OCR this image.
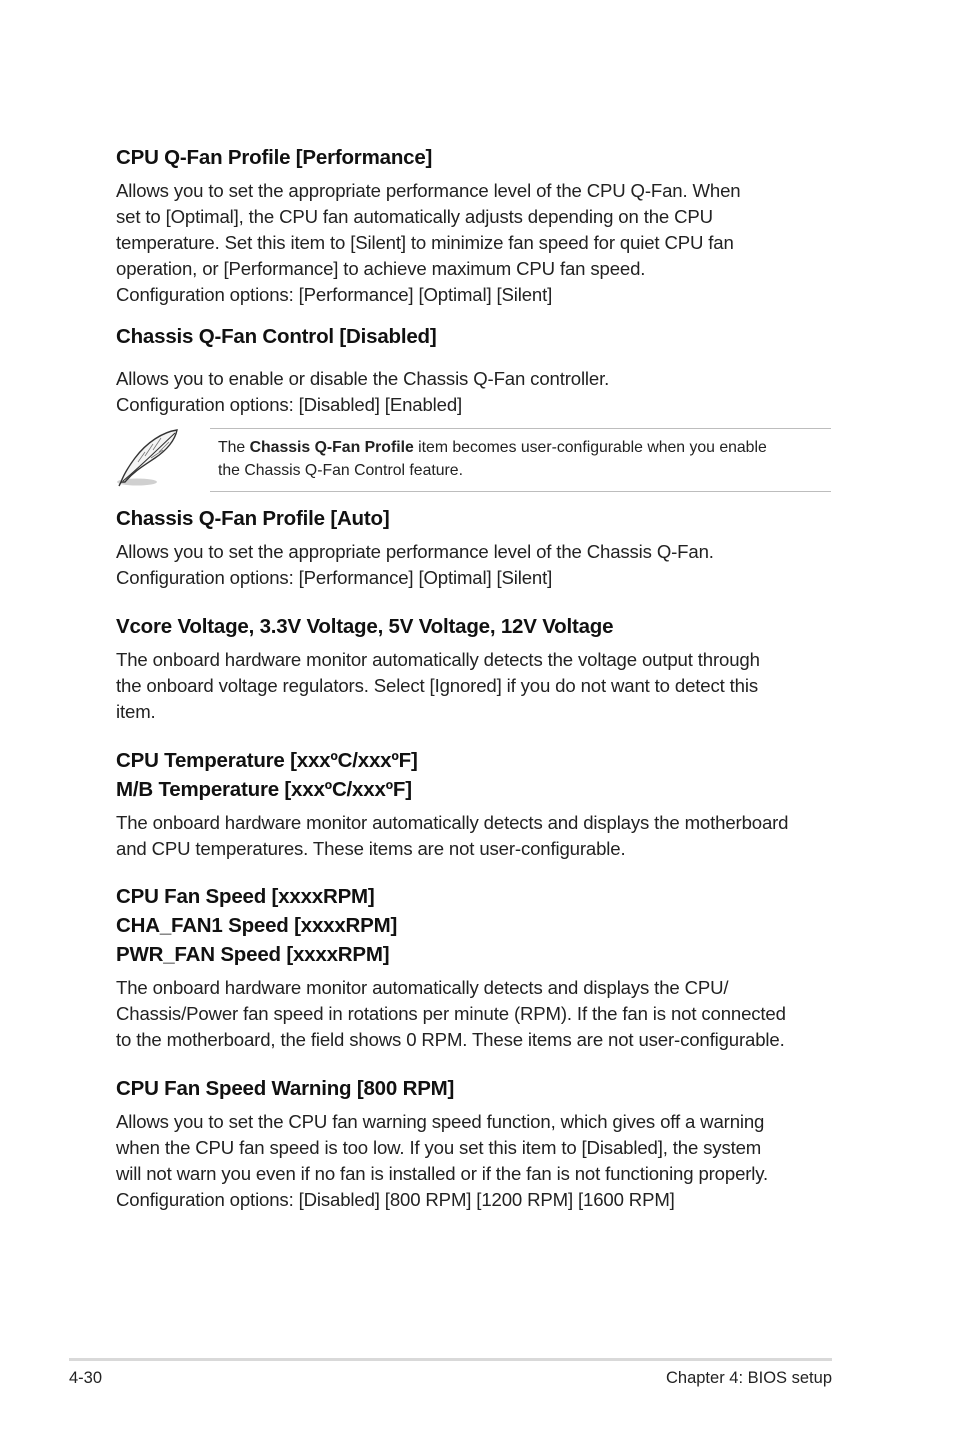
CPU Q-Fan Profile [Performance]

Allows you to set the appropriate performance level of the CPU Q-Fan. When
set to [Optimal], the CPU fan automatically adjusts depending on the CPU
temperature. Set this item to [Silent] to minimize fan speed for quiet CPU fan
operation, or [Performance] to achieve maximum CPU fan speed.
Configuration options: [Performance] [Optimal] [Silent]

Chassis Q-Fan Control [Disabled]

Allows you to enable or disable the Chassis Q-Fan controller.
Configuration options: [Disabled] [Enabled]

Chassis Q-Fan Profile [Auto]

Allows you to set the appropriate performance level of the Chassis Q-Fan.
Configuration options: [Performance] [Optimal] [Silent]

Vcore Voltage, 3.3V Voltage, 5V Voltage, 12V Voltage

The onboard hardware monitor automatically detects the voltage output through
the onboard voltage regulators. Select [Ignored] if you do not want to detect this
item.

CPU Temperature [xxxºC/xxxºF]
M/B Temperature [xxxºC/xxxºF]

The onboard hardware monitor automatically detects and displays the motherboard
and CPU temperatures. These items are not user-configurable.

CPU Fan Speed [xxxxRPM]
CHA_FAN1 Speed [xxxxRPM]
PWR_FAN Speed [xxxxRPM]

The onboard hardware monitor automatically detects and displays the CPU/
Chassis/Power fan speed in rotations per minute (RPM). If the fan is not connected
to the motherboard, the field shows 0 RPM. These items are not user-configurable.

CPU Fan Speed Warning [800 RPM]

Allows you to set the CPU fan warning speed function, which gives off a warning
when the CPU fan speed is too low. If you set this item to [Disabled], the system
will not warn you even if no fan is installed or if the fan is not functioning properly.
Configuration options: [Disabled] [800 RPM] [1200 RPM] [1600 RPM]

The Chassis Q-Fan Profile item becomes user-configurable when you enable
the Chassis Q-Fan Control feature.
4-30	Chapter 4: BIOS setup
